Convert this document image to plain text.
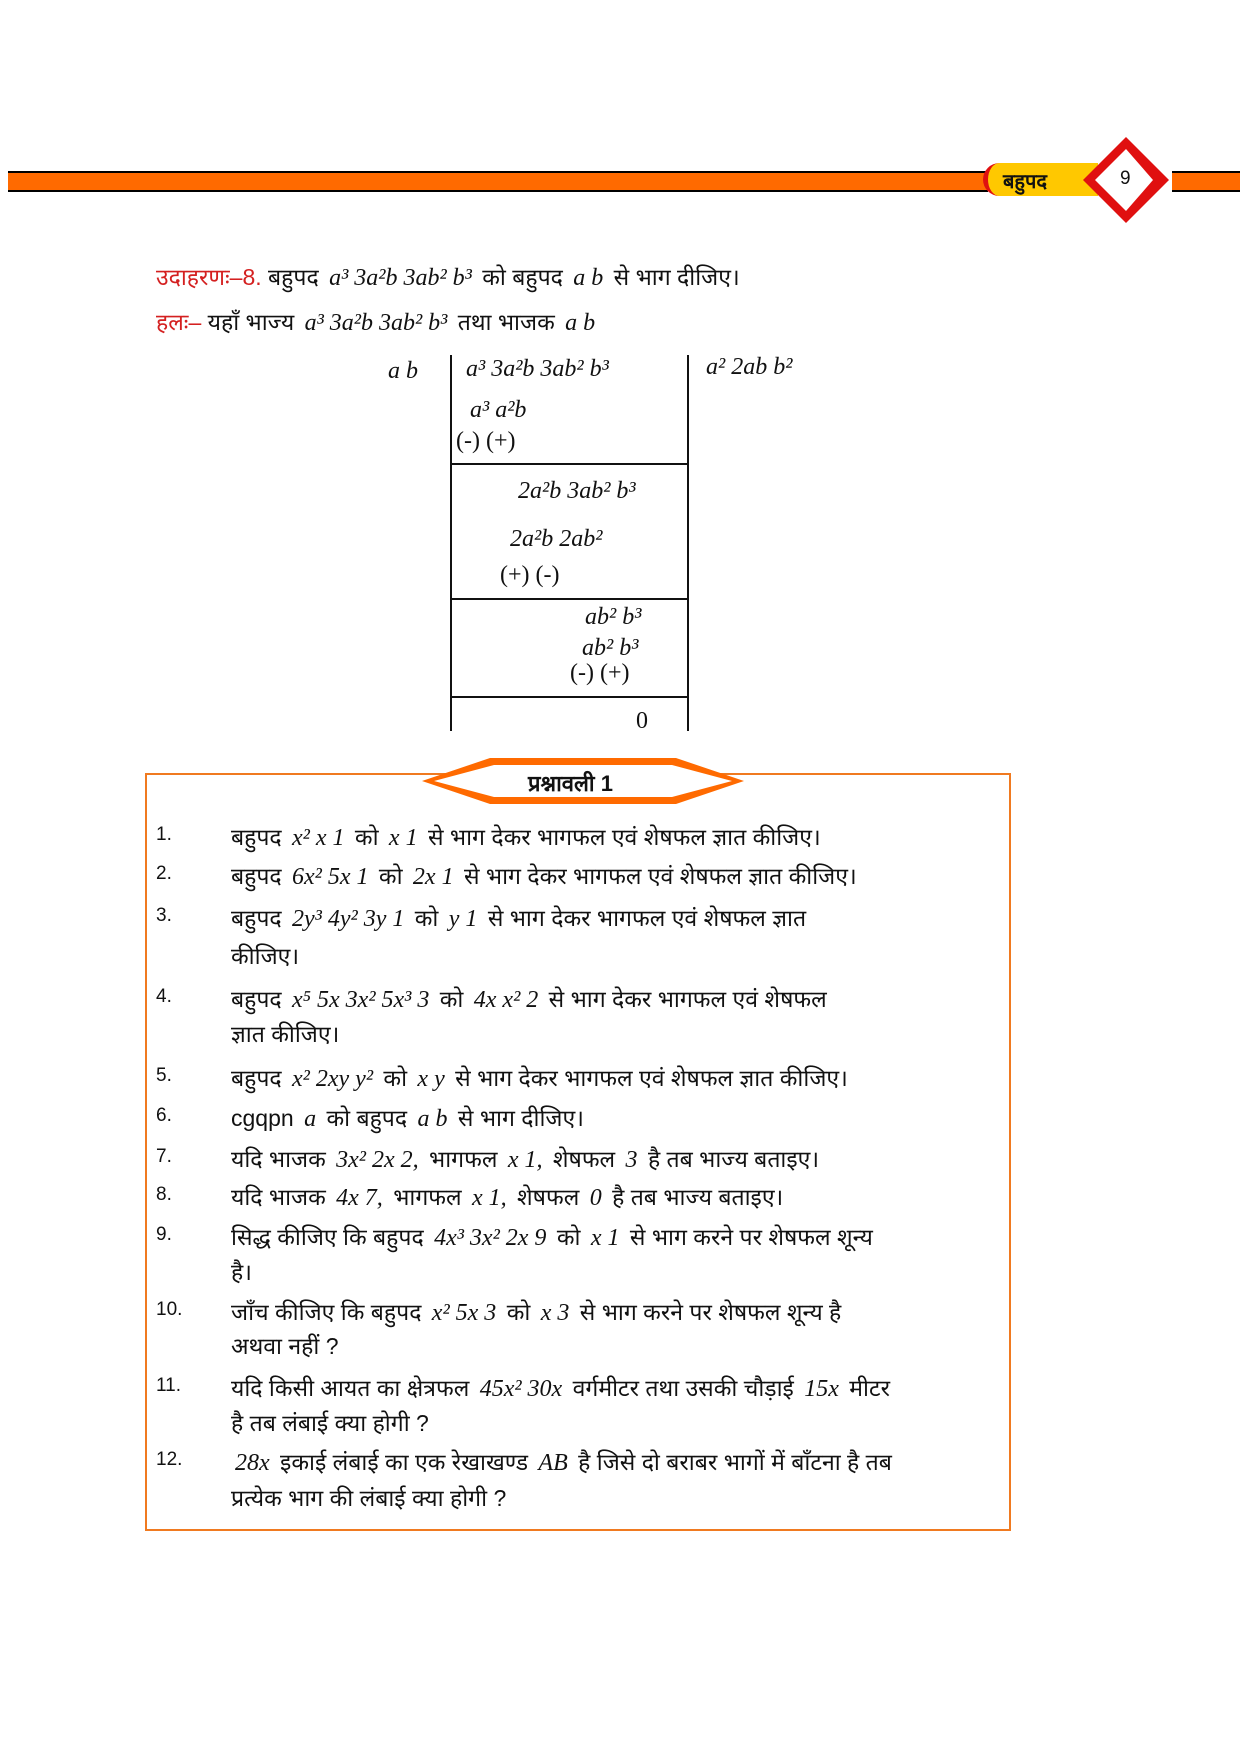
बहुपद	9
उदाहरणः–8. बहुपद a³ 3a²b 3ab² b³ को बहुपद a b से भाग दीजिए।
हलः– यहाँ भाज्य a³ 3a²b 3ab² b³ तथा भाजक a b
a b a³ 3a²b 3ab² b³	a² 2ab b²
a³ a²b
(-) (+)
2a²b 3ab² b³
2a²b 2ab²
(+) (-)
ab² b³
ab² b³
(-) (+)
0
प्रश्नावली 1
1.	बहुपद x² x 1 को x 1 से भाग देकर भागफल एवं शेषफल ज्ञात कीजिए।
2.	बहुपद 6x² 5x 1 को 2x 1 से भाग देकर भागफल एवं शेषफल ज्ञात कीजिए।
3.	बहुपद 2y³ 4y² 3y 1 को y 1 से भाग देकर भागफल एवं शेषफल ज्ञात
कीजिए।
4.	बहुपद x⁵ 5x 3x² 5x³ 3 को 4x x² 2 से भाग देकर भागफल एवं शेषफल
ज्ञात कीजिए।
5.	बहुपद x² 2xy y² को x y से भाग देकर भागफल एवं शेषफल ज्ञात कीजिए।
6.	cgqpn a को बहुपद a b से भाग दीजिए।
7.	यदि भाजक 3x² 2x 2, भागफल x 1, शेषफल 3 है तब भाज्य बताइए।
8.	यदि भाजक 4x 7, भागफल x 1, शेषफल 0 है तब भाज्य बताइए।
9.	सिद्ध कीजिए कि बहुपद 4x³ 3x² 2x 9 को x 1 से भाग करने पर शेषफल शून्य
है।
10. जाँच कीजिए कि बहुपद x² 5x 3 को x 3 से भाग करने पर शेषफल शून्य है
अथवा नहीं ?
11. यदि किसी आयत का क्षेत्रफल 45x² 30x वर्गमीटर तथा उसकी चौड़ाई 15x मीटर
है तब लंबाई क्या होगी ?
12. 28x इकाई लंबाई का एक रेखाखण्ड AB है जिसे दो बराबर भागों में बाँटना है तब
प्रत्येक भाग की लंबाई क्या होगी ?
